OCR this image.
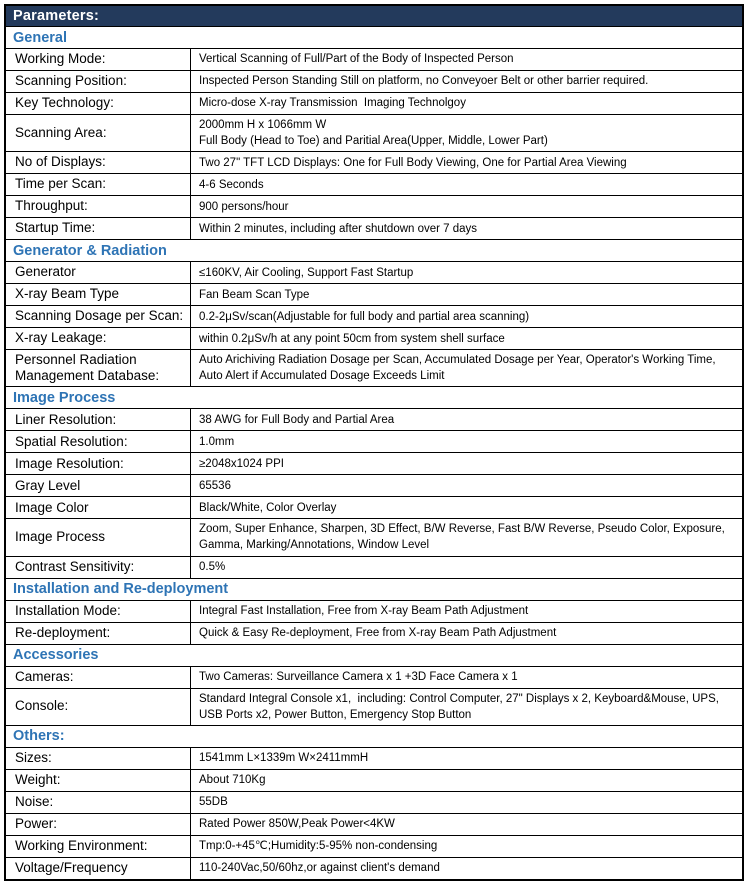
Parameters:
General
Working Mode:	Vertical Scanning of Full/Part of the Body of Inspected Person
Scanning Position:	Inspected Person Standing Still on platform, no Conveyoer Belt or other barrier required.
Key Technology:	Micro-dose X-ray Transmission  Imaging Technolgoy
Scanning Area:	2000mm H x 1066mm W
Full Body (Head to Toe) and Paritial Area(Upper, Middle, Lower Part)
No of Displays:	Two 27" TFT LCD Displays: One for Full Body Viewing, One for Partial Area Viewing
Time per Scan:	4-6 Seconds
Throughput:	900 persons/hour
Startup Time:	Within 2 minutes, including after shutdown over 7 days
Generator & Radiation
Generator	≤160KV, Air Cooling, Support Fast Startup
X-ray Beam Type	Fan Beam Scan Type
Scanning Dosage per Scan:	0.2-2μSv/scan(Adjustable for full body and partial area scanning)
X-ray Leakage:	within 0.2μSv/h at any point 50cm from system shell surface
Personnel Radiation Management Database:
Auto Arichiving Radiation Dosage per Scan, Accumulated Dosage per Year, Operator's Working Time, Auto Alert if Accumulated Dosage Exceeds Limit
Image Process
Liner Resolution:	38 AWG for Full Body and Partial Area
Spatial Resolution:	1.0mm
Image Resolution:	≥2048x1024 PPI
Gray Level	65536
Image Color	Black/White, Color Overlay
Image Process	Zoom, Super Enhance, Sharpen, 3D Effect, B/W Reverse, Fast B/W Reverse, Pseudo Color, Exposure, Gamma, Marking/Annotations, Window Level
Contrast Sensitivity:	0.5%
Installation and Re-deployment
Installation Mode:	Integral Fast Installation, Free from X-ray Beam Path Adjustment
Re-deployment:	Quick & Easy Re-deployment, Free from X-ray Beam Path Adjustment
Accessories
Cameras:	Two Cameras: Surveillance Camera x 1 +3D Face Camera x 1
Console:	Standard Integral Console x1,  including: Control Computer, 27" Displays x 2, Keyboard&Mouse, UPS,  USB Ports x2, Power Button, Emergency Stop Button
Others:
Sizes:	1541mm L×1339m W×2411mmH
Weight:	About 710Kg
Noise:	55DB
Power:	Rated Power 850W,Peak Power<4KW
Working Environment:	Tmp:0-+45℃;Humidity:5-95% non-condensing
Voltage/Frequency	110-240Vac,50/60hz,or against client's demand
